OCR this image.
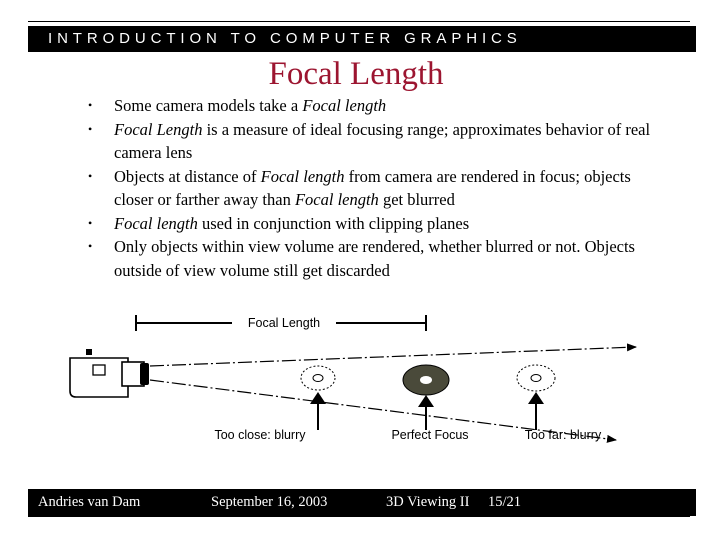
INTRODUCTION TO COMPUTER GRAPHICS
Focal Length
• Some camera models take a Focal length
• Focal Length is a measure of ideal focusing range; approximates behavior of real camera lens
• Objects at distance of Focal length from camera are rendered in focus; objects closer or farther away than Focal length get blurred
• Focal length used in conjunction with clipping planes
• Only objects within view volume are rendered, whether blurred or not. Objects outside of view volume still get discarded
Focal Length
Too close: blurry	Perfect Focus	Too far: blurry
Andries van Dam	September 16, 2003	3D Viewing II 15/21
